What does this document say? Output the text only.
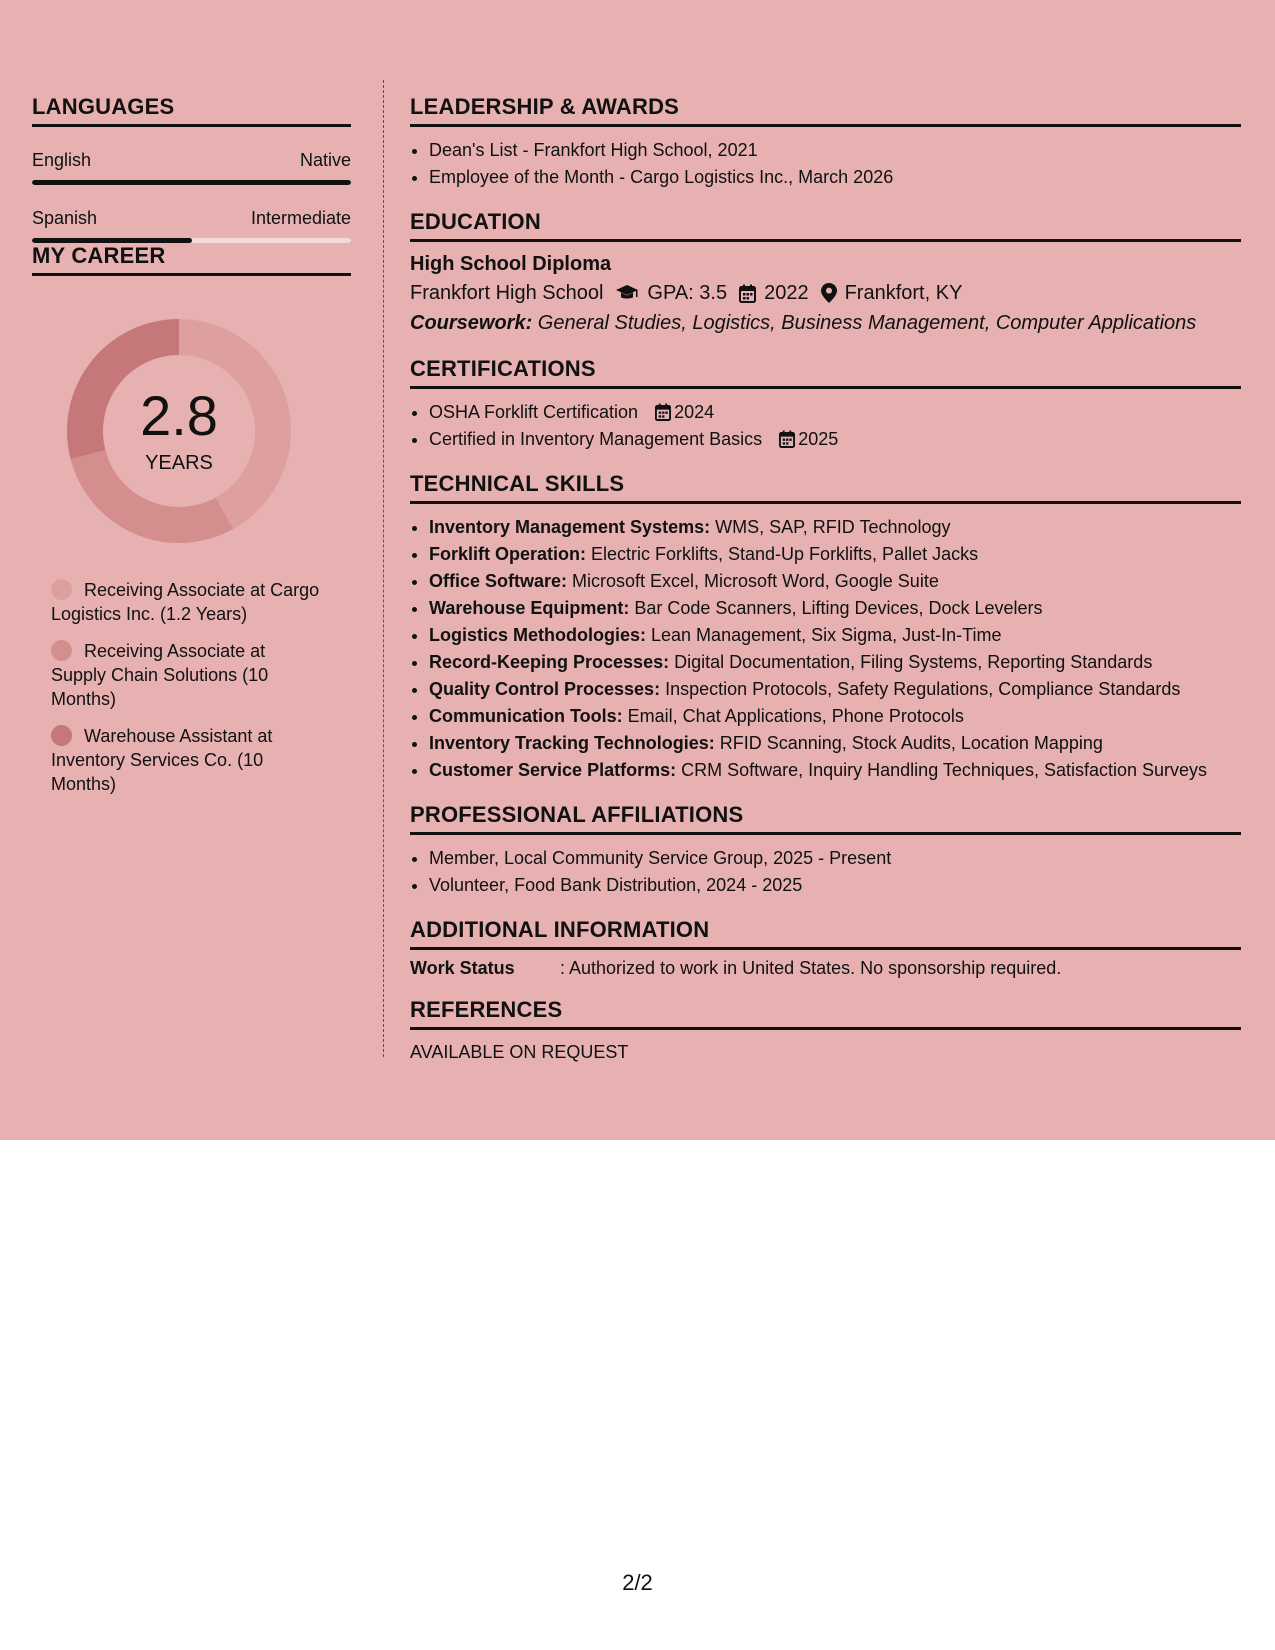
LANGUAGES
English	Native
Spanish	Intermediate
MY CAREER
2.8
YEARS
Receiving Associate at Cargo Logistics Inc. (1.2 Years)
Receiving Associate at Supply Chain Solutions (10 Months)
Warehouse Assistant at Inventory Services Co. (10 Months)
LEADERSHIP & AWARDS
• Dean's List - Frankfort High School, 2021
• Employee of the Month - Cargo Logistics Inc., March 2026
EDUCATION
High School Diploma
Frankfort High School GPA: 3.5 2022 Frankfort, KY
Coursework: General Studies, Logistics, Business Management, Computer Applications
CERTIFICATIONS
• OSHA Forklift Certification 2024
• Certified in Inventory Management Basics 2025
TECHNICAL SKILLS
• Inventory Management Systems: WMS, SAP, RFID Technology
• Forklift Operation: Electric Forklifts, Stand-Up Forklifts, Pallet Jacks
• Office Software: Microsoft Excel, Microsoft Word, Google Suite
• Warehouse Equipment: Bar Code Scanners, Lifting Devices, Dock Levelers
• Logistics Methodologies: Lean Management, Six Sigma, Just-In-Time
• Record-Keeping Processes: Digital Documentation, Filing Systems, Reporting Standards
• Quality Control Processes: Inspection Protocols, Safety Regulations, Compliance Standards
• Communication Tools: Email, Chat Applications, Phone Protocols
• Inventory Tracking Technologies: RFID Scanning, Stock Audits, Location Mapping
• Customer Service Platforms: CRM Software, Inquiry Handling Techniques, Satisfaction Surveys
PROFESSIONAL AFFILIATIONS
• Member, Local Community Service Group, 2025 - Present
• Volunteer, Food Bank Distribution, 2024 - 2025
ADDITIONAL INFORMATION
Work Status	: Authorized to work in United States. No sponsorship required.
REFERENCES
AVAILABLE ON REQUEST
2/2
